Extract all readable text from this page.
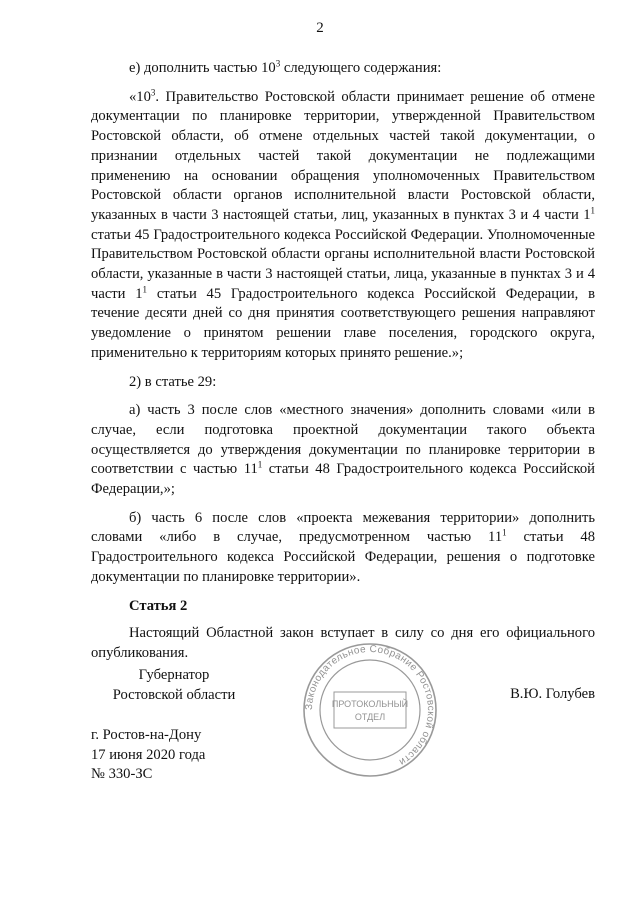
2

е) дополнить частью $10^3$ следующего содержания:

«$10^3$. Правительство Ростовской области принимает решение об отмене документации по планировке территории, утвержденной Правительством Ростовской области, об отмене отдельных частей такой документации, о признании отдельных частей такой документации не подлежащими применению на основании обращения уполномоченных Правительством Ростовской области органов исполнительной власти Ростовской области, указанных в части 3 настоящей статьи, лиц, указанных в пунктах 3 и 4 части $1^1$ статьи 45 Градостроительного кодекса Российской Федерации. Уполномоченные Правительством Ростовской области органы исполнительной власти Ростовской области, указанные в части 3 настоящей статьи, лица, указанные в пунктах 3 и 4 части $1^1$ статьи 45 Градостроительного кодекса Российской Федерации, в течение десяти дней со дня принятия соответствующего решения направляют уведомление о принятом решении главе поселения, городского округа, применительно к территориям которых принято решение.»;

2) в статье 29:

а) часть 3 после слов «местного значения» дополнить словами «или в случае, если подготовка проектной документации такого объекта осуществляется до утверждения документации по планировке территории в соответствии с частью $11^1$ статьи 48 Градостроительного кодекса Российской Федерации,»;

б) часть 6 после слов «проекта межевания территории» дополнить словами «либо в случае, предусмотренном частью $11^1$ статьи 48 Градостроительного кодекса Российской Федерации, решения о подготовке документации по планировке территории».

Статья 2

Настоящий Областной закон вступает в силу со дня его официального опубликования.

Губернатор
Ростовской области	В.Ю. Голубев
г. Ростов-на-Дону
17 июня 2020 года
№ 330-ЗС
Законодательное Собрание Ростовской области
ПРОТОКОЛЬНЫЙ
ОТДЕЛ
